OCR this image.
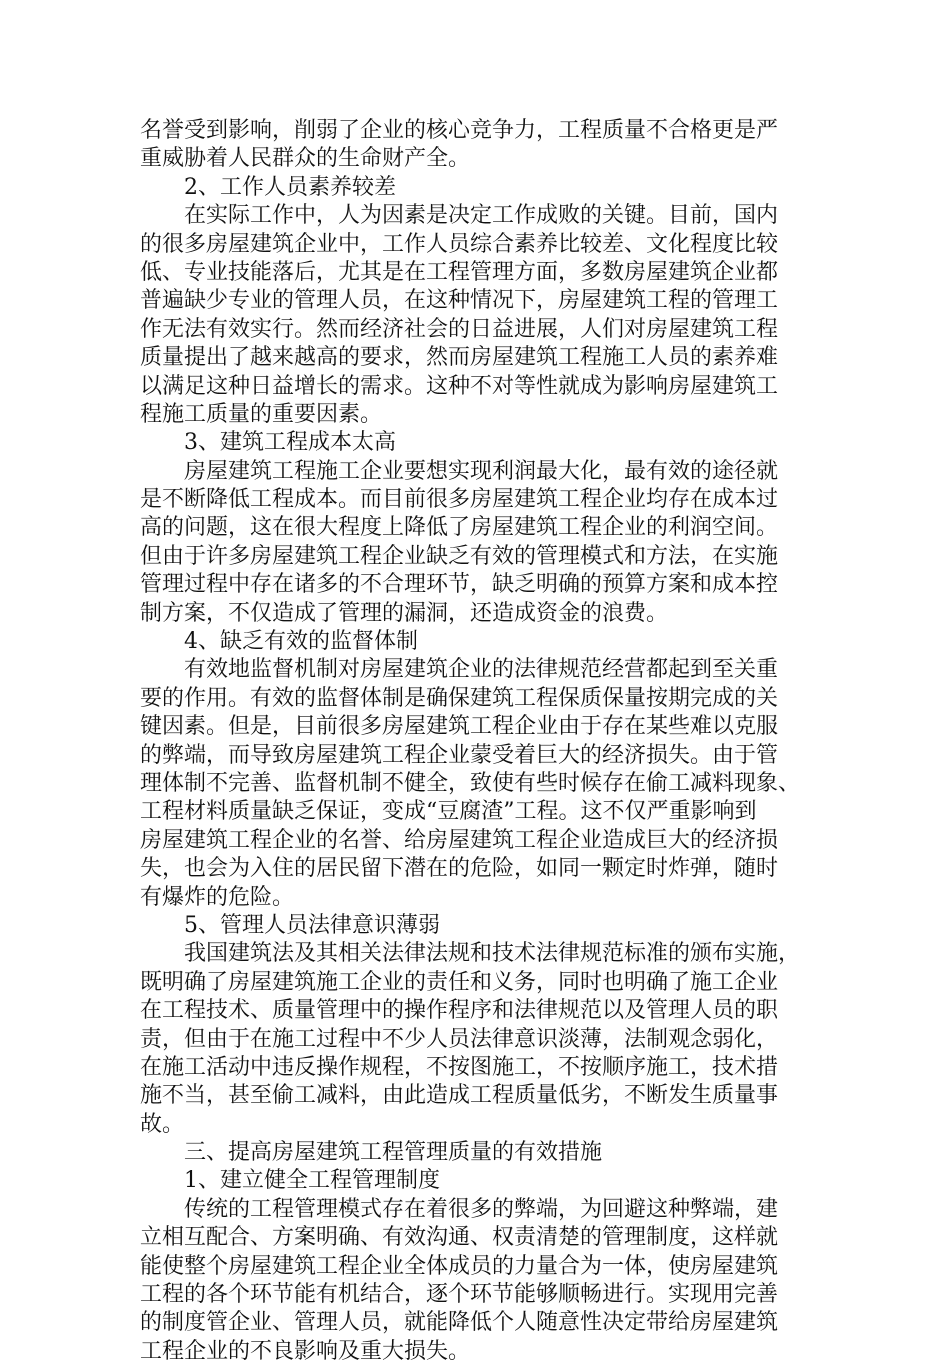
名誉受到影响，削弱了企业的核心竞争力，工程质量不合格更是严
重威胁着人民群众的生命财产全。
2、工作人员素养较差
在实际工作中，人为因素是决定工作成败的关键。目前，国内
的很多房屋建筑企业中，工作人员综合素养比较差、文化程度比较
低、专业技能落后，尤其是在工程管理方面，多数房屋建筑企业都
普遍缺少专业的管理人员，在这种情况下，房屋建筑工程的管理工
作无法有效实行。然而经济社会的日益进展，人们对房屋建筑工程
质量提出了越来越高的要求，然而房屋建筑工程施工人员的素养难
以满足这种日益增长的需求。这种不对等性就成为影响房屋建筑工
程施工质量的重要因素。
3、建筑工程成本太高
房屋建筑工程施工企业要想实现利润最大化，最有效的途径就
是不断降低工程成本。而目前很多房屋建筑工程企业均存在成本过
高的问题，这在很大程度上降低了房屋建筑工程企业的利润空间。
但由于许多房屋建筑工程企业缺乏有效的管理模式和方法，在实施
管理过程中存在诸多的不合理环节，缺乏明确的预算方案和成本控
制方案，不仅造成了管理的漏洞，还造成资金的浪费。
4、缺乏有效的监督体制
有效地监督机制对房屋建筑企业的法律规范经营都起到至关重
要的作用。有效的监督体制是确保建筑工程保质保量按期完成的关
键因素。但是，目前很多房屋建筑工程企业由于存在某些难以克服
的弊端，而导致房屋建筑工程企业蒙受着巨大的经济损失。由于管
理体制不完善、监督机制不健全，致使有些时候存在偷工减料现象、
工程材料质量缺乏保证，变成“豆腐渣”工程。这不仅严重影响到
房屋建筑工程企业的名誉、给房屋建筑工程企业造成巨大的经济损
失，也会为入住的居民留下潜在的危险，如同一颗定时炸弹，随时
有爆炸的危险。
5、管理人员法律意识薄弱
我国建筑法及其相关法律法规和技术法律规范标准的颁布实施，
既明确了房屋建筑施工企业的责任和义务，同时也明确了施工企业
在工程技术、质量管理中的操作程序和法律规范以及管理人员的职
责，但由于在施工过程中不少人员法律意识淡薄，法制观念弱化，
在施工活动中违反操作规程，不按图施工，不按顺序施工，技术措
施不当，甚至偷工减料，由此造成工程质量低劣，不断发生质量事
故。
三、提高房屋建筑工程管理质量的有效措施
1、建立健全工程管理制度
传统的工程管理模式存在着很多的弊端，为回避这种弊端，建
立相互配合、方案明确、有效沟通、权责清楚的管理制度，这样就
能使整个房屋建筑工程企业全体成员的力量合为一体，使房屋建筑
工程的各个环节能有机结合，逐个环节能够顺畅进行。实现用完善
的制度管企业、管理人员，就能降低个人随意性决定带给房屋建筑
工程企业的不良影响及重大损失。
